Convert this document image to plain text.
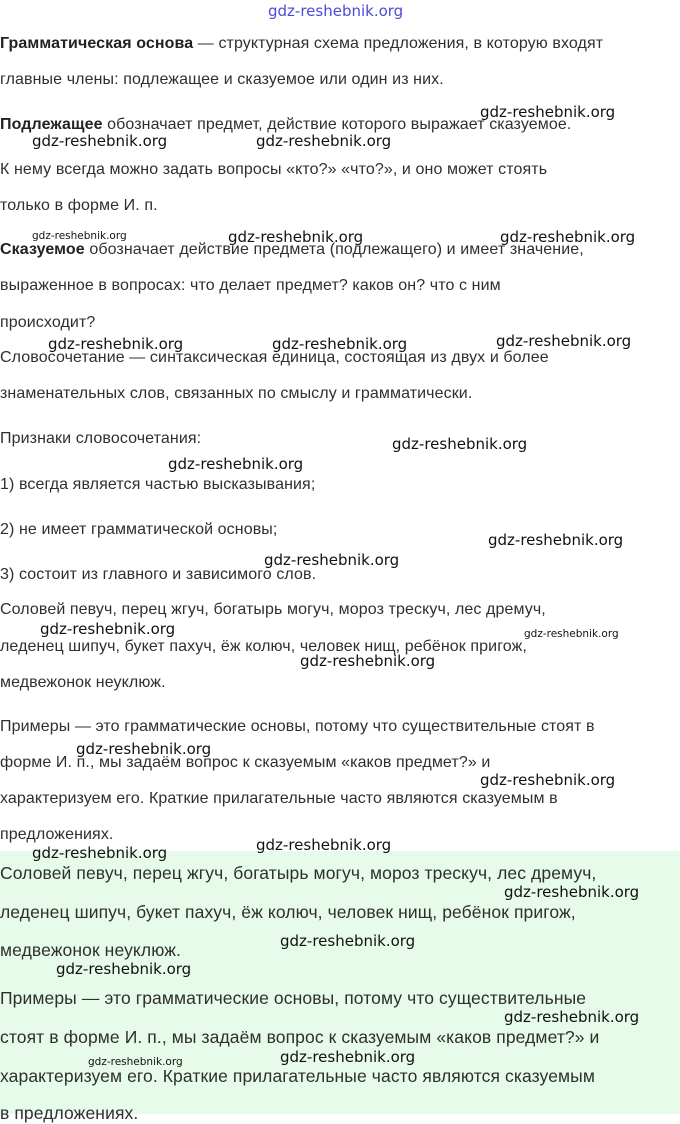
gdz-reshebnik.org
Грамматическая основа — структурная схема предложения, в которую входят
главные члены: подлежащее и сказуемое или один из них.
Подлежащее обозначает предмет, действие которого выражает сказуемое.
К нему всегда можно задать вопросы «кто?» «что?», и оно может стоять
только в форме И. п.
Сказуемое обозначает действие предмета (подлежащего) и имеет значение,
выраженное в вопросах: что делает предмет? каков он? что с ним
происходит?
Словосочетание — синтаксическая единица, состоящая из двух и более
знаменательных слов, связанных по смыслу и грамматически.
Признаки словосочетания:
1) всегда является частью высказывания;
2) не имеет грамматической основы;
3) состоит из главного и зависимого слов.
Соловей певуч, перец жгуч, богатырь могуч, мороз трескуч, лес дремуч,
леденец шипуч, букет пахуч, ёж колюч, человек нищ, ребёнок пригож,
медвежонок неуклюж.
Примеры — это грамматические основы, потому что существительные стоят в
форме И. п., мы задаём вопрос к сказуемым «каков предмет?» и
характеризуем его. Краткие прилагательные часто являются сказуемым в
предложениях.
Соловей певуч, перец жгуч, богатырь могуч, мороз трескуч, лес дремуч,
леденец шипуч, букет пахуч, ёж колюч, человек нищ, ребёнок пригож,
медвежонок неуклюж.
Примеры — это грамматические основы, потому что существительные
стоят в форме И. п., мы задаём вопрос к сказуемым «каков предмет?» и
характеризуем его. Краткие прилагательные часто являются сказуемым
в предложениях.
gdz-reshebnik.org
gdz-reshebnik.org	gdz-reshebnik.org
gdz-reshebnik.org	gdz-reshebnik.org	gdz-reshebnik.org
gdz-reshebnik.org	gdz-reshebnik.org	gdz-reshebnik.org
gdz-reshebnik.org
gdz-reshebnik.org
gdz-reshebnik.org
gdz-reshebnik.org
gdz-reshebnik.org	gdz-reshebnik.org
gdz-reshebnik.org
gdz-reshebnik.org
gdz-reshebnik.org
gdz-reshebnik.org
gdz-reshebnik.org
gdz-reshebnik.org
gdz-reshebnik.org
gdz-reshebnik.org
gdz-reshebnik.org
gdz-reshebnik.org	gdz-reshebnik.org
